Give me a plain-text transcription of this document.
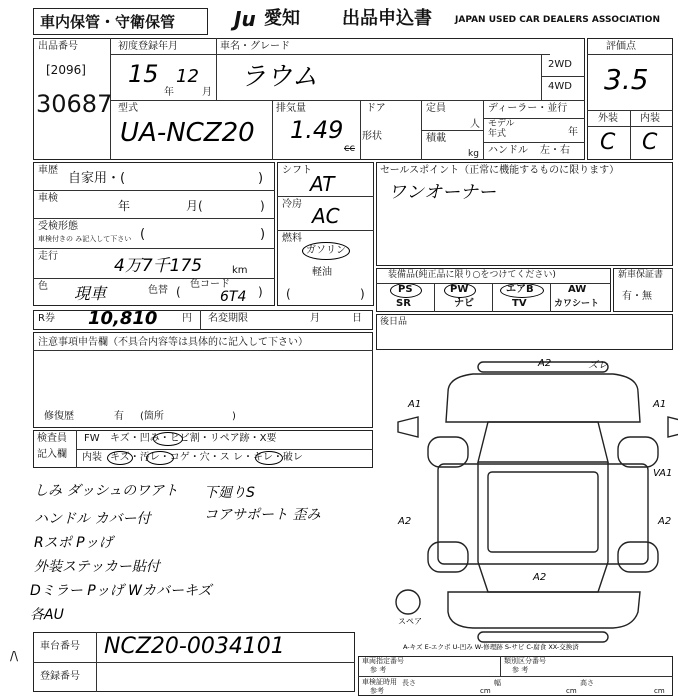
車内保管・守衛保管	Ju 愛知 出品申込書	JAPAN USED CAR DEALERS ASSOCIATION
出品番号
[2096]
30687
初度登録年月
15
年
12
月
車名・グレード
ラウム	2WD
4WD
評価点
3.5
外装 内装
C C
型式
UA-NCZ20
排気量
1.49
cc
ドア
形状
定員
人
積載
kg
ディーラー・並行
モデル
年式	年
ハンドル 左・右
車歴
自家用・(	)
車検
年	月(	)
受検形態
車検付きの み記入して下さい (	)
走行	4万7千175	km
色 現車	色替 (
色コード
6T4 )
シフト
AT
冷房 AC
燃料
ガソリン
軽油
(	)
セールスポイント（正常に機能するものに限ります）
ワンオーナー
装備品(純正品に限り○をつけてください)
PS	PW	エアB	AW
SR	ナビ	TV	カワシート
新車保証書
有・無
R券 10,810 円 名変期限	月	日 後日品
注意事項申告欄（不具合内容等は具体的に記入して下さい）
修復歴	有 (箇所	)
検査員
記入欄
FW キズ・凹み・ヒビ割・リペア跡・X要
内装 キズ・汚レ・コゲ・穴・ス レ・キレ・破レ
しみ ダッシュのワアト 下廻りS
ハンドル カバー付	コアサポート 歪み
Rスポ Pッげ
外装ステッカー貼付
Dミラー Pッげ Wカバーキズ
各AU
車台番号 NCZ20-0034101
登録番号
/\
A2	ズレ
A1	A1
VA1
A2	A2
A2
スペア
A-キズ E-エクボ U-凹み W-修理跡 S-サビ C-腐食 XX-交換済
車両指定番号
参 考
類別区分番号
参 考
車検証時用
参考
長さ
cm
幅
cm
高さ
cm
